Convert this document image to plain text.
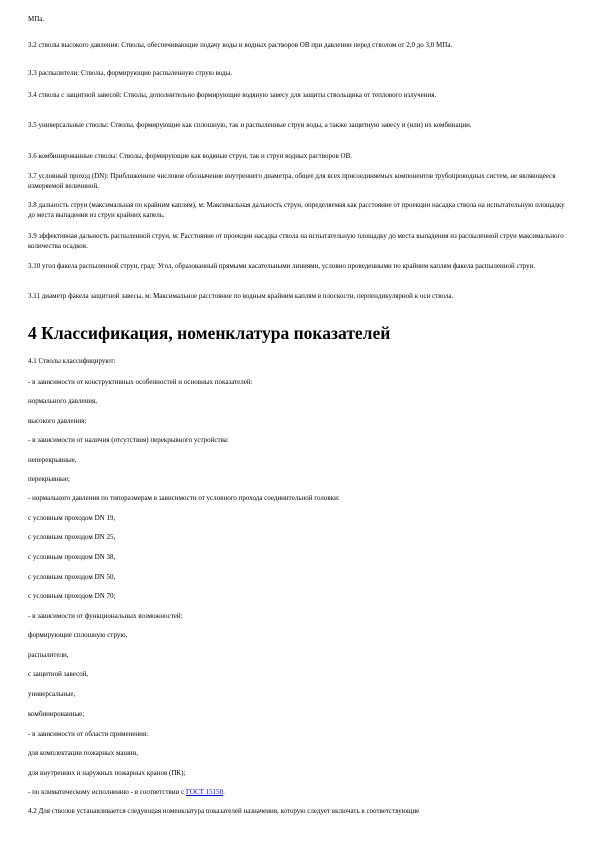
МПа.

3.2 стволы высокого давления: Стволы, обеспечивающие подачу воды и водных растворов ОВ при давлении перед стволом от 2,0 до 3,0 МПа.

3.3 распылители: Стволы, формирующие распыленную струю воды.

3.4 стволы с защитной завесой: Стволы, дополнительно формирующие водяную завесу для защиты ствольщика от теплового излучения.

3.5 универсальные стволы: Стволы, формирующие как сплошную, так и распыленные струи воды, а также защитную завесу и (или) их комбинации.

3.6 комбинированные стволы: Стволы, формирующие как водяные струи, так и струи водных растворов ОВ.

3.7 условный проход (DN): Приближенное числовое обозначение внутреннего диаметра, общее для всех присоединяемых компонентов трубопроводных систем, не являющееся измеряемой величиной.

3.8 дальность струи (максимальная по крайним каплям), м: Максимальная дальность струи, определяемая как расстояние от проекции насадка ствола на испытательную площадку до места выпадения из струи крайних капель.

3.9 эффективная дальность распыленной струи, м: Расстояние от проекции насадка ствола на испытательную площадку до места выпадения из распыленной струи максимального количества осадков.

3.10 угол факела распыленной струи, град: Угол, образованный прямыми касательными линиями, условно проведенными по крайним каплям факела распыленной струи.

3.11 диаметр факела защитной завесы, м: Максимальное расстояние по водным крайним каплям в плоскости, перпендикулярной к оси ствола.

4 Классификация, номенклатура показателей

4.1 Стволы классифицируют:

- в зависимости от конструктивных особенностей и основных показателей:

нормального давления,

высокого давления;

- в зависимости от наличия (отсутствия) перекрывного устройства:

неперекрывные,

перекрывные;

- нормального давления по типоразмерам в зависимости от условного прохода соединительной головки:

с условным проходом DN 19,

с условным проходом DN 25,

с условным проходом DN 38,

с условным проходом DN 50,

с условным проходом DN 70;

- в зависимости от функциональных возможностей:

формирующие сплошную струю,

распылители,

с защитной завесой,

универсальные,

комбинированные;

- в зависимости от области применения:

для комплектации пожарных машин,

для внутренних и наружных пожарных кранов (ПК);

- по климатическому исполнению - в соответствии с ГОСТ 15150.

4.2 Для стволов устанавливается следующая номенклатура показателей назначения, которую следует включать в соответствующие
